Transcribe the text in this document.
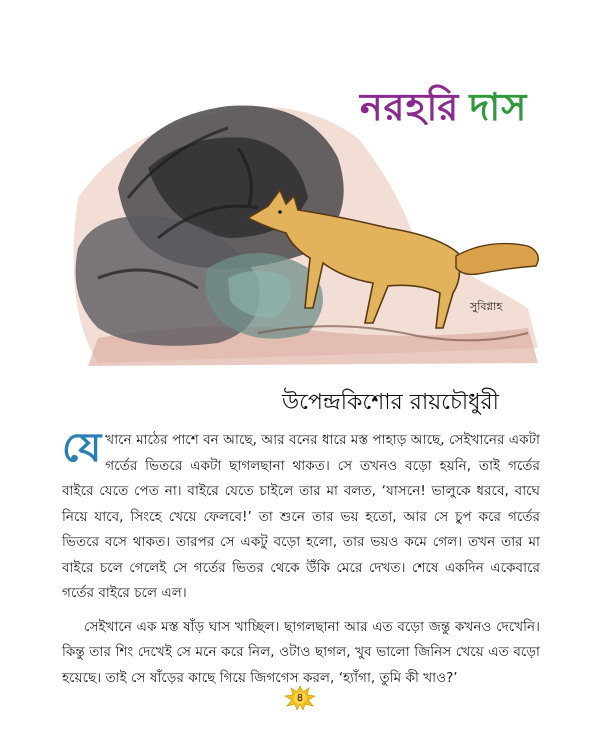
সুবিগ্নাহ
নরহরি দাস
উপেন্দ্রকিশোর রায়চৌধুরী

যেখানে মাঠের পাশে বন আছে, আর বনের ধারে মস্ত পাহাড় আছে, সেইখানের একটা গর্তের ভিতরে একটা ছাগলছানা থাকত। সে তখনও বড়ো হয়নি, তাই গর্তের বাইরে যেতে পেত না। বাইরে যেতে চাইলে তার মা বলত, ‘যাসনে! ভালুকে ধরবে, বাঘে নিয়ে যাবে, সিংহে খেয়ে ফেলবে!’ তা শুনে তার ভয় হতো, আর সে চুপ করে গর্তের ভিতরে বসে থাকত। তারপর সে একটু বড়ো হলো, তার ভয়ও কমে গেল। তখন তার মা বাইরে চলে গেলেই সে গর্তের ভিতর থেকে উঁকি মেরে দেখত। শেষে একদিন একেবারে গর্তের বাইরে চলে এল।

সেইখানে এক মস্ত ষাঁড় ঘাস খাচ্ছিল। ছাগলছানা আর এত বড়ো জন্তু কখনও দেখেনি। কিন্তু তার শিং দেখেই সে মনে করে নিল, ওটাও ছাগল, খুব ভালো জিনিস খেয়ে এত বড়ো হয়েছে। তাই সে ষাঁড়ের কাছে গিয়ে জিগগেস করল, ‘হ্যাঁগা, তুমি কী খাও?’

৪
